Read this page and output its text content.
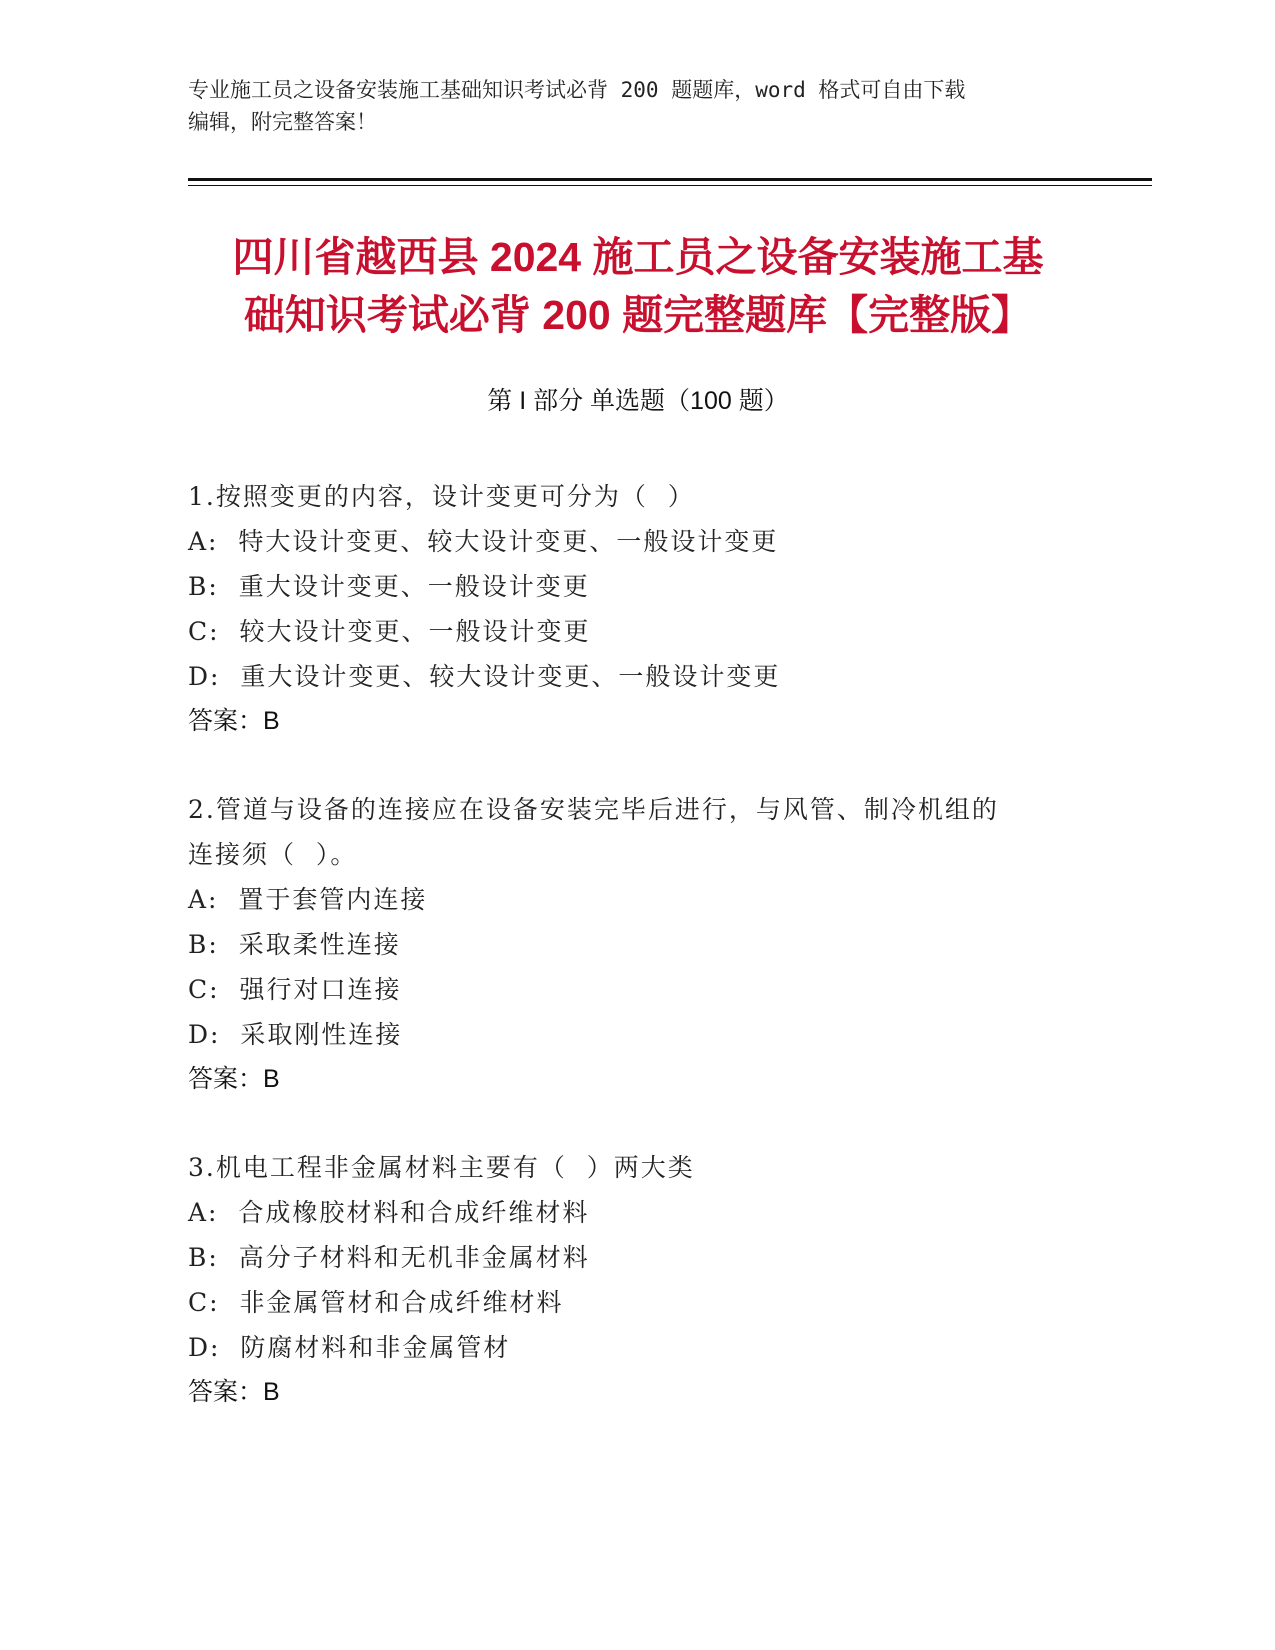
专业施工员之设备安装施工基础知识考试必背 200 题题库，word 格式可自由下载
编辑，附完整答案！
四川省越西县 2024 施工员之设备安装施工基
础知识考试必背 200 题完整题库【完整版】
第 I 部分 单选题（100 题）
1.按照变更的内容，设计变更可分为（  ）
A:  特大设计变更、较大设计变更、一般设计变更
B:  重大设计变更、一般设计变更
C:  较大设计变更、一般设计变更
D:  重大设计变更、较大设计变更、一般设计变更
答案：B
2.管道与设备的连接应在设备安装完毕后进行，与风管、制冷机组的
连接须（  ）。
A:  置于套管内连接
B:  采取柔性连接
C:  强行对口连接
D:  采取刚性连接
答案：B
3.机电工程非金属材料主要有（  ）两大类
A:  合成橡胶材料和合成纤维材料
B:  高分子材料和无机非金属材料
C:  非金属管材和合成纤维材料
D:  防腐材料和非金属管材
答案：B
